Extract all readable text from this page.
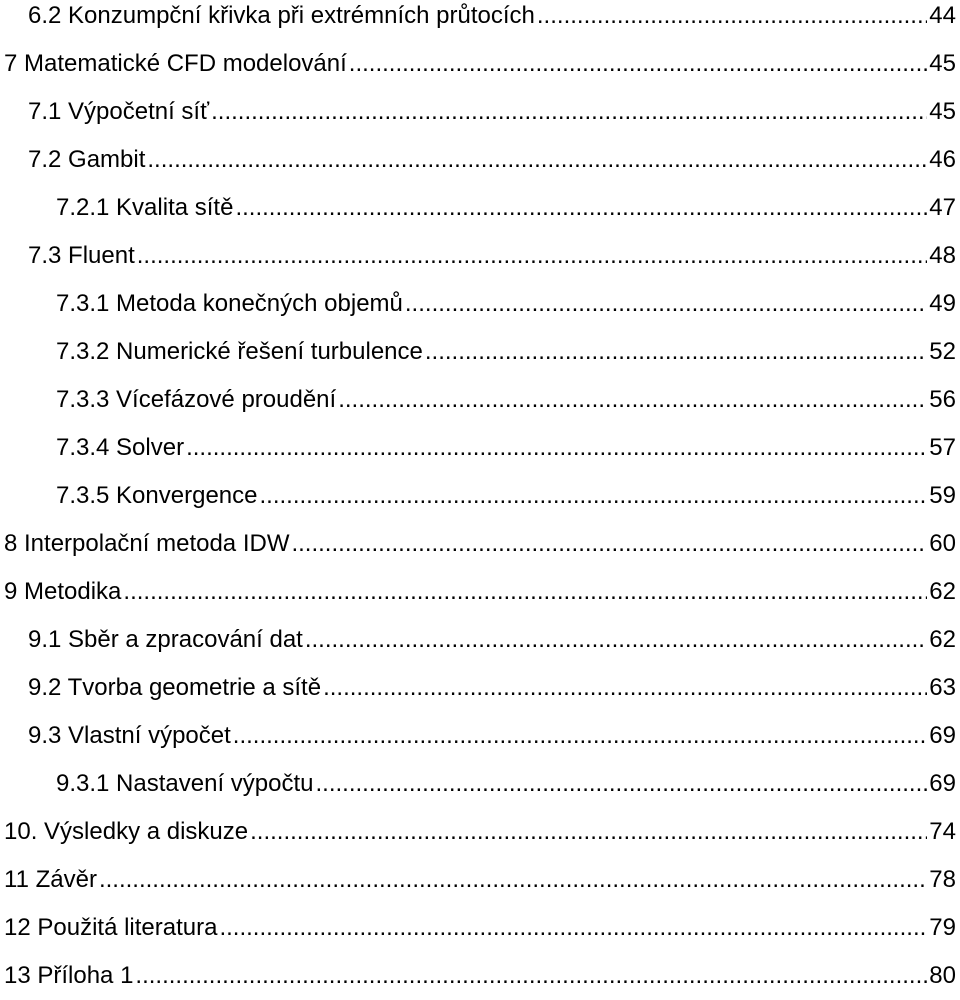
6.2 Konzumpční křivka při extrémních průtocích .....	44
7 Matematické CFD modelování .....	45
7.1 Výpočetní síť .....	45
7.2 Gambit .....	46
7.2.1 Kvalita sítě .....	47
7.3 Fluent .....	48
7.3.1 Metoda konečných objemů .....	49
7.3.2 Numerické řešení turbulence .....	52
7.3.3 Vícefázové proudění .....	56
7.3.4 Solver .....	57
7.3.5 Konvergence .....	59
8 Interpolační metoda IDW .....	60
9 Metodika .....	62
9.1 Sběr a zpracování dat .....	62
9.2 Tvorba geometrie a sítě .....	63
9.3 Vlastní výpočet .....	69
9.3.1 Nastavení výpočtu .....	69
10. Výsledky a diskuze .....	74
11 Závěr .....	78
12 Použitá literatura .....	79
13 Příloha 1 .....	80
